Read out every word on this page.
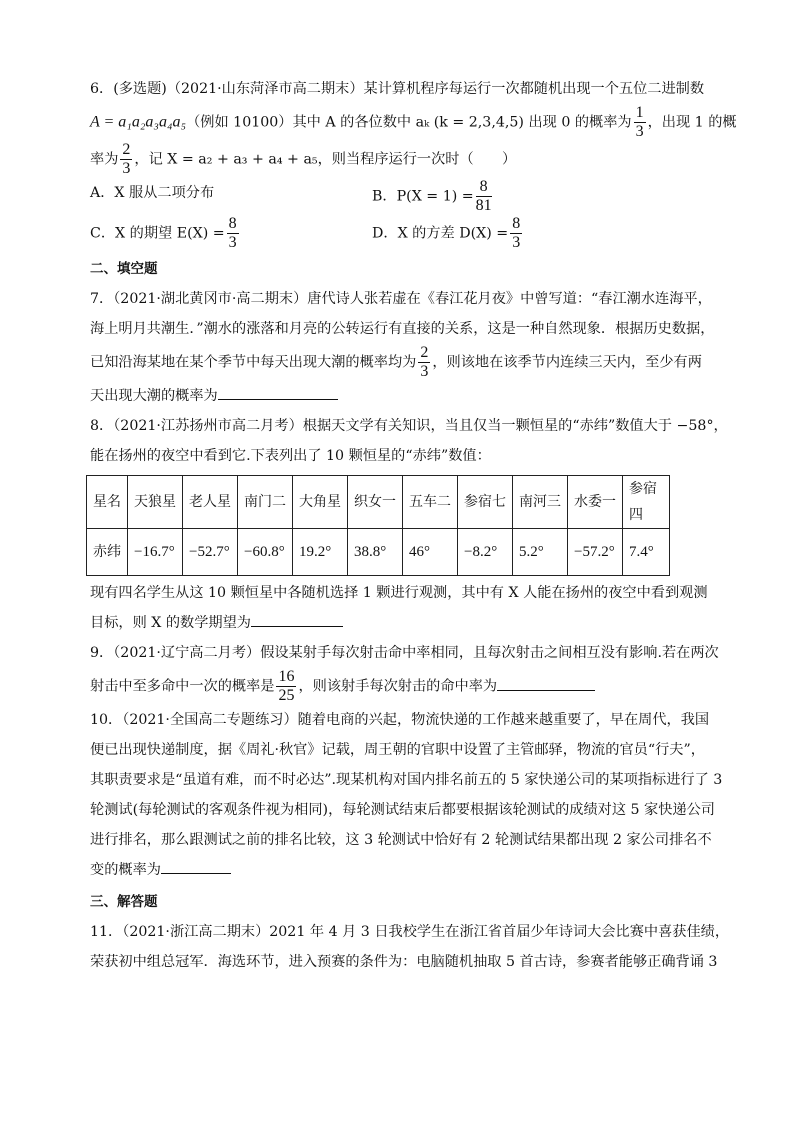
6．(多选题)（2021·山东菏泽市高二期末）某计算机程序每运行一次都随机出现一个五位二进制数
A = a₁a₂a₃a₄a₅（例如 10100）其中 A 的各位数中 aₖ (k = 2,3,4,5) 出现 0 的概率为 $\frac{1}{3}$ ，出现 1 的概
率为 $\frac{2}{3}$ ，记 X = a₂ + a₃ + a₄ + a₅，则当程序运行一次时（　　）
A．X 服从二项分布	B．$P(X = 1) = \frac{8}{81}$
C．X 的期望 $E(X) = \frac{8}{3}$	D．X 的方差 $D(X) = \frac{8}{3}$
二、填空题
7．（2021·湖北黄冈市·高二期末）唐代诗人张若虚在《春江花月夜》中曾写道：“春江潮水连海平，
海上明月共潮生．”潮水的涨落和月亮的公转运行有直接的关系，这是一种自然现象．根据历史数据，
已知沿海某地在某个季节中每天出现大潮的概率均为 $\frac{2}{3}$ ，则该地在该季节内连续三天内，至少有两
天出现大潮的概率为
8．（2021·江苏扬州市高二月考）根据天文学有关知识，当且仅当一颗恒星的“赤纬”数值大于 −58°，
能在扬州的夜空中看到它.下表列出了 10 颗恒星的“赤纬”数值：
星名	天狼星	老人星	南门二	大角星	织女一	五车二	参宿七	南河三	水委一	参宿四
赤纬	−16.7°	−52.7°	−60.8°	19.2°	38.8°	46°	−8.2°	5.2°	−57.2°	7.4°
现有四名学生从这 10 颗恒星中各随机选择 1 颗进行观测，其中有 X 人能在扬州的夜空中看到观测
目标，则 X 的数学期望为
9．（2021·辽宁高二月考）假设某射手每次射击命中率相同，且每次射击之间相互没有影响.若在两次
射击中至多命中一次的概率是 $\frac{16}{25}$ ，则该射手每次射击的命中率为
10．（2021·全国高二专题练习）随着电商的兴起，物流快递的工作越来越重要了，早在周代，我国
便已出现快递制度，据《周礼·秋官》记载，周王朝的官职中设置了主管邮驿，物流的官员“行夫”，
其职责要求是“虽道有难，而不时必达”.现某机构对国内排名前五的 5 家快递公司的某项指标进行了 3
轮测试(每轮测试的客观条件视为相同)，每轮测试结束后都要根据该轮测试的成绩对这 5 家快递公司
进行排名，那么跟测试之前的排名比较，这 3 轮测试中恰好有 2 轮测试结果都出现 2 家公司排名不
变的概率为
三、解答题
11．（2021·浙江高二期末）2021 年 4 月 3 日我校学生在浙江省首届少年诗词大会比赛中喜获佳绩，
荣获初中组总冠军．海选环节，进入预赛的条件为：电脑随机抽取 5 首古诗，参赛者能够正确背诵 3
